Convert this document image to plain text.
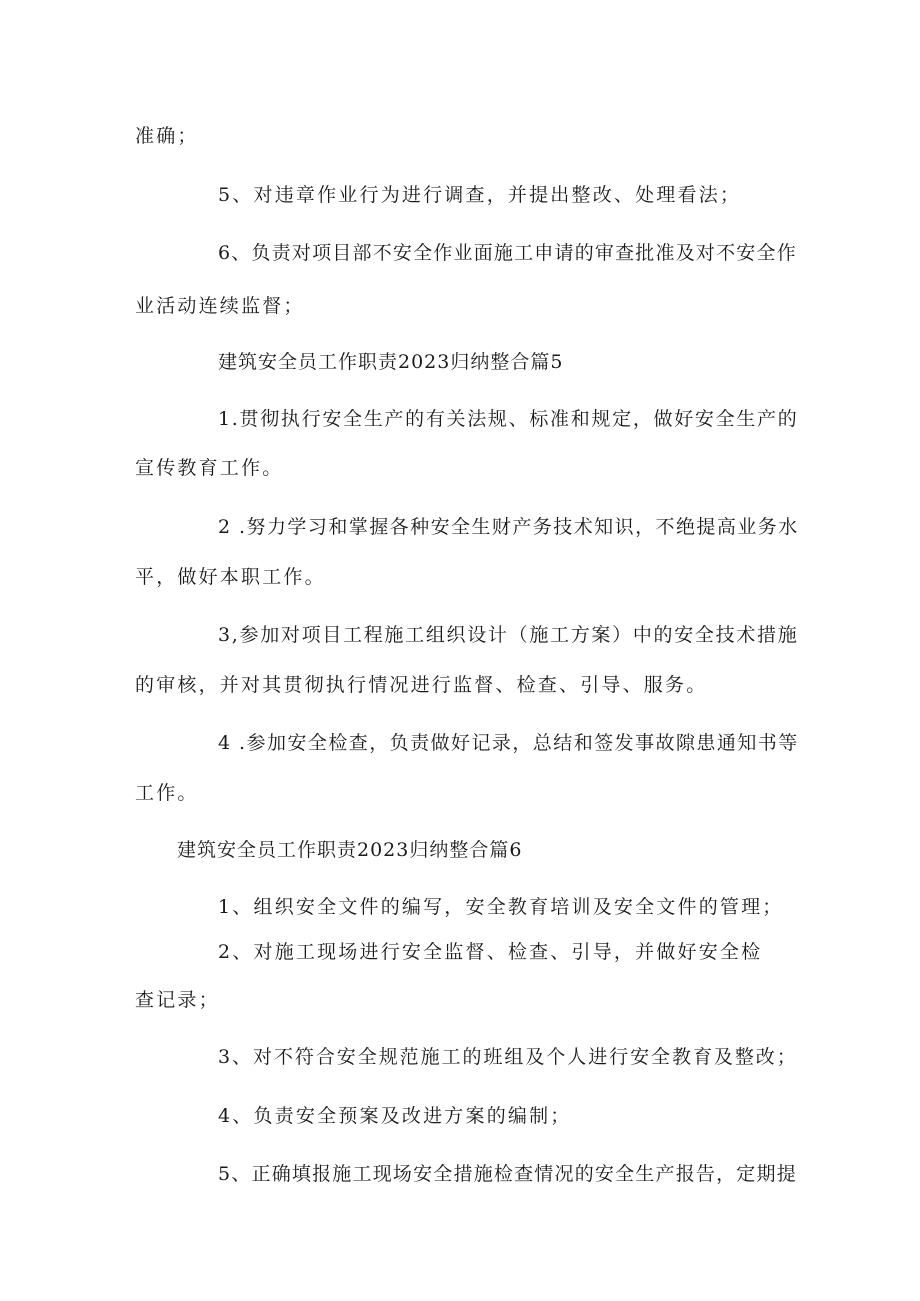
准确；
5、对违章作业行为进行调查，并提出整改、处理看法；
6、负责对项目部不安全作业面施工申请的审查批准及对不安全作
业活动连续监督；
建筑安全员工作职责2023归纳整合篇5
1.贯彻执行安全生产的有关法规、标准和规定，做好安全生产的
宣传教育工作。
2 .努力学习和掌握各种安全生财产务技术知识，不绝提高业务水
平，做好本职工作。
3,参加对项目工程施工组织设计（施工方案）中的安全技术措施
的审核，并对其贯彻执行情况进行监督、检查、引导、服务。
4 .参加安全检查，负责做好记录，总结和签发事故隙患通知书等
工作。
建筑安全员工作职责2023归纳整合篇6
1、组织安全文件的编写，安全教育培训及安全文件的管理；
2、对施工现场进行安全监督、检查、引导，并做好安全检
查记录；
3、对不符合安全规范施工的班组及个人进行安全教育及整改；
4、负责安全预案及改进方案的编制；
5、正确填报施工现场安全措施检查情况的安全生产报告，定期提
